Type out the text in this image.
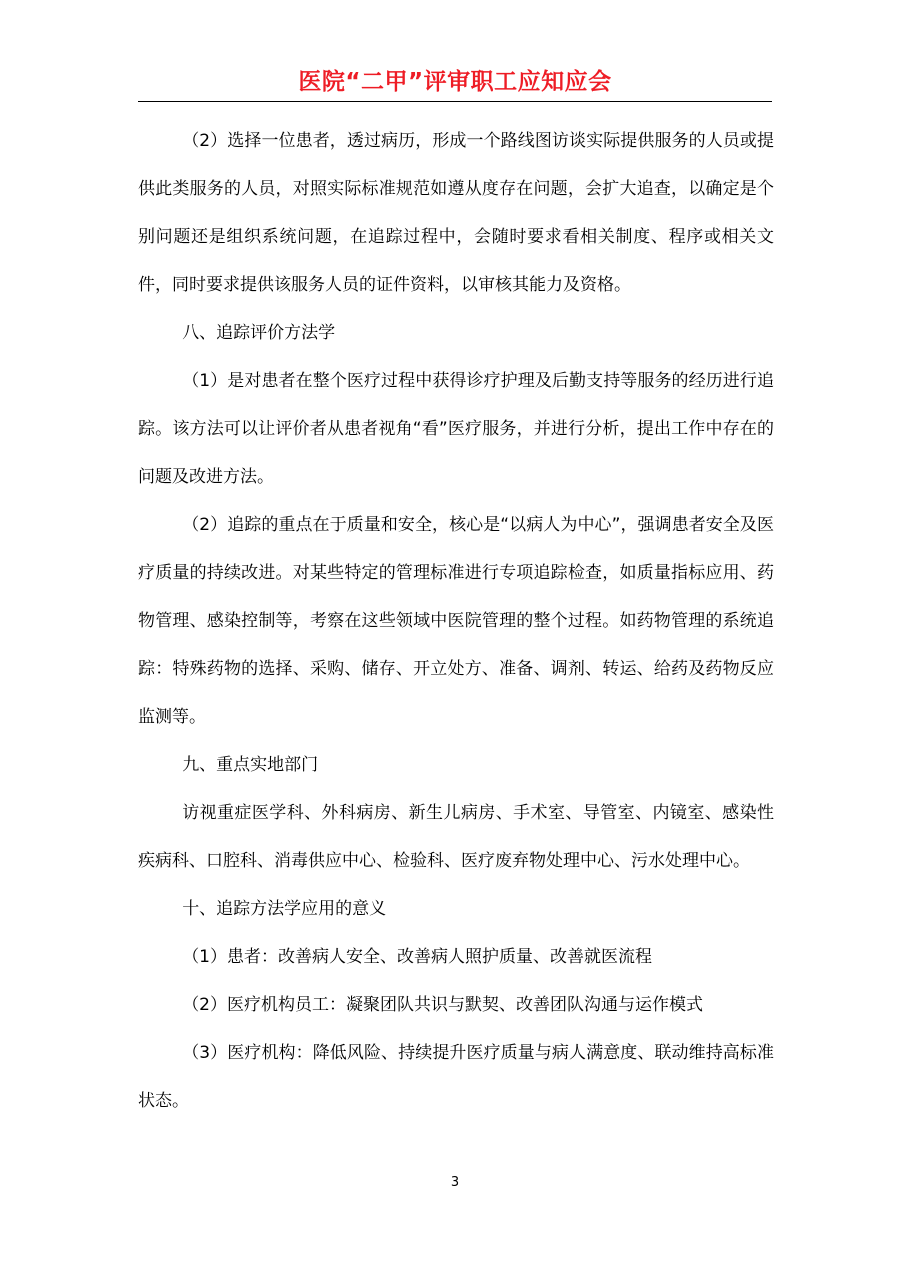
医院“二甲”评审职工应知应会

（2）选择一位患者，透过病历，形成一个路线图访谈实际提供服务的人员或提供此类服务的人员，对照实际标准规范如遵从度存在问题，会扩大追查，以确定是个别问题还是组织系统问题，在追踪过程中，会随时要求看相关制度、程序或相关文件，同时要求提供该服务人员的证件资料，以审核其能力及资格。

八、追踪评价方法学

（1）是对患者在整个医疗过程中获得诊疗护理及后勤支持等服务的经历进行追踪。该方法可以让评价者从患者视角“看”医疗服务，并进行分析，提出工作中存在的问题及改进方法。

（2）追踪的重点在于质量和安全，核心是“以病人为中心”，强调患者安全及医疗质量的持续改进。对某些特定的管理标准进行专项追踪检查，如质量指标应用、药物管理、感染控制等，考察在这些领域中医院管理的整个过程。如药物管理的系统追踪：特殊药物的选择、采购、储存、开立处方、准备、调剂、转运、给药及药物反应监测等。

九、重点实地部门

访视重症医学科、外科病房、新生儿病房、手术室、导管室、内镜室、感染性疾病科、口腔科、消毒供应中心、检验科、医疗废弃物处理中心、污水处理中心。

十、追踪方法学应用的意义

（1）患者：改善病人安全、改善病人照护质量、改善就医流程

（2）医疗机构员工：凝聚团队共识与默契、改善团队沟通与运作模式

（3）医疗机构：降低风险、持续提升医疗质量与病人满意度、联动维持高标准状态。

3
